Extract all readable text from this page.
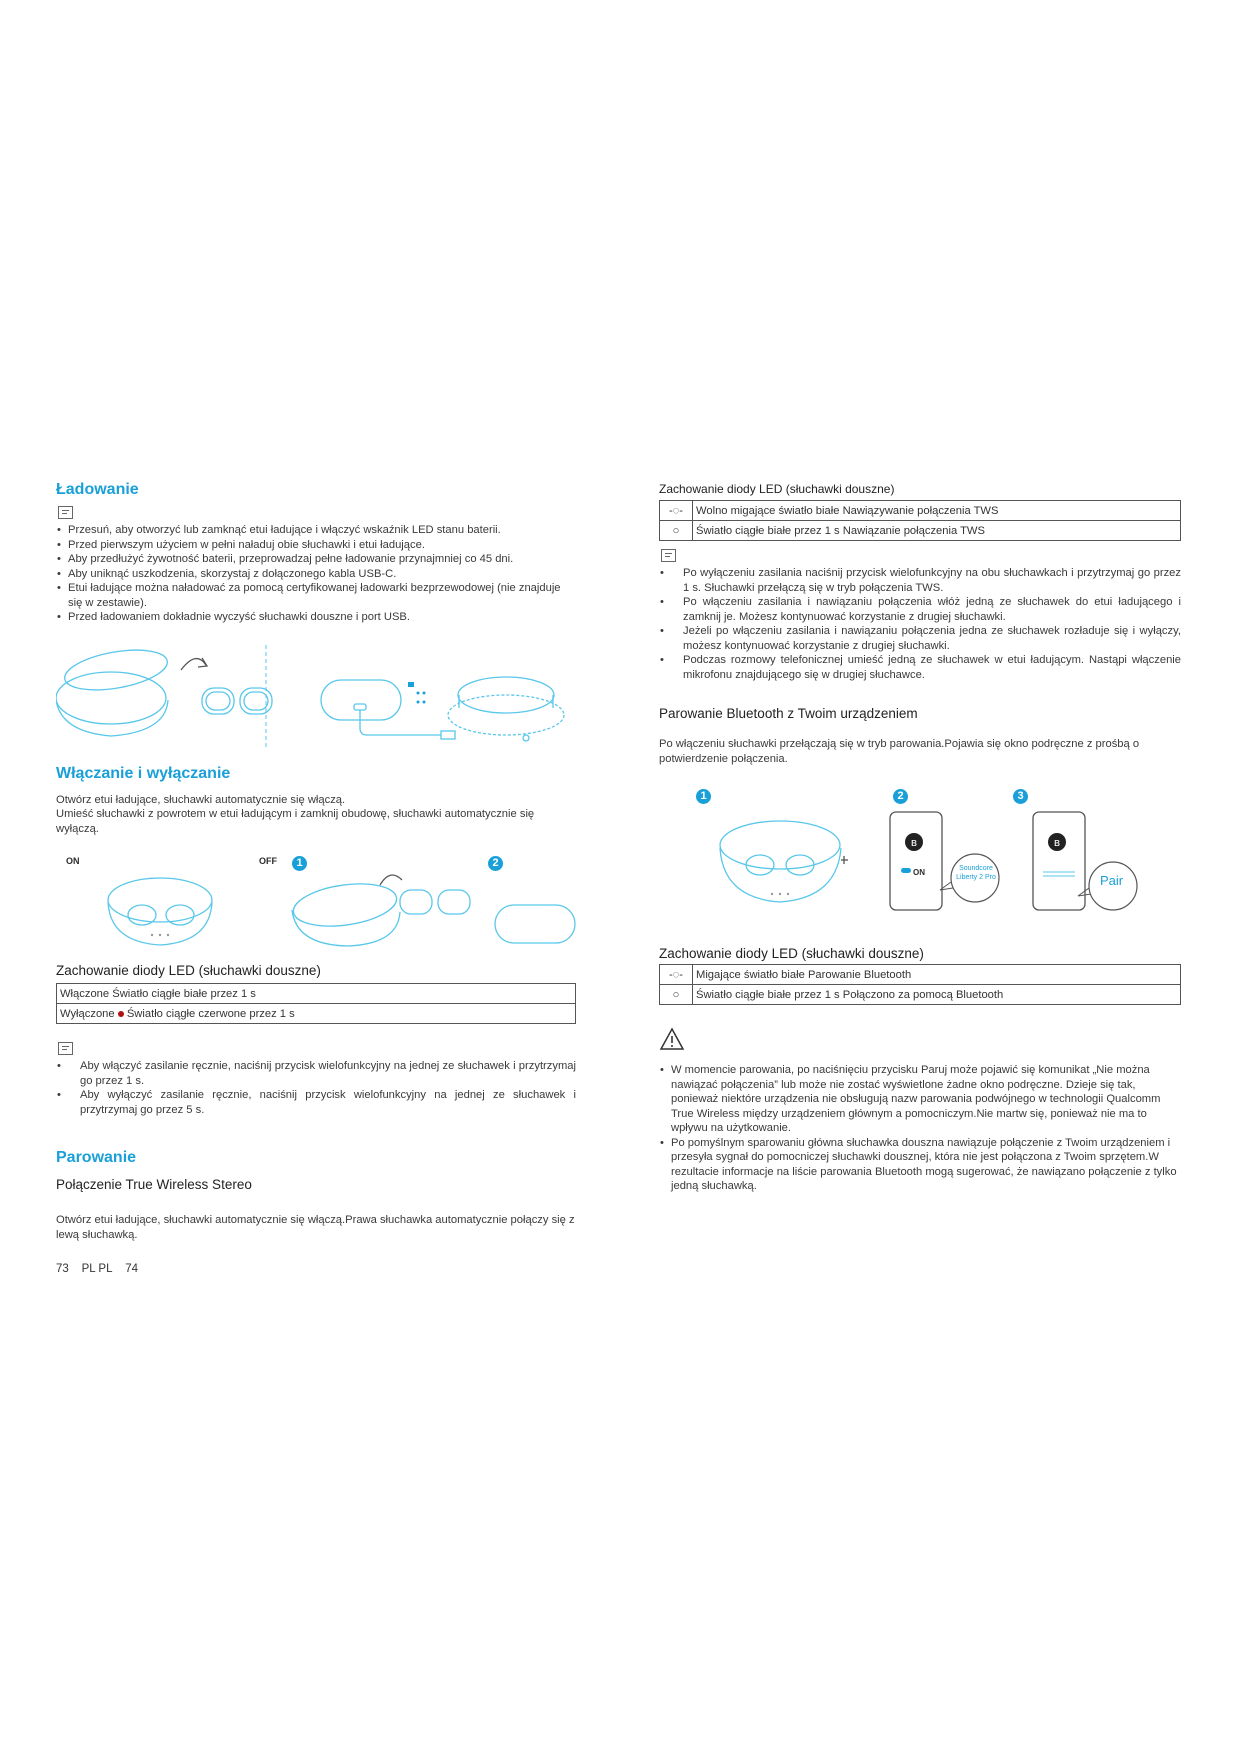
Ładowanie
• Przesuń, aby otworzyć lub zamknąć etui ładujące i włączyć wskaźnik LED stanu baterii.
• Przed pierwszym użyciem w pełni naładuj obie słuchawki i etui ładujące.
• Aby przedłużyć żywotność baterii, przeprowadzaj pełne ładowanie przynajmniej co 45 dni.
• Aby uniknąć uszkodzenia, skorzystaj z dołączonego kabla USB-C.
• Etui ładujące można naładować za pomocą certyfikowanej ładowarki bezprzewodowej (nie znajduje się w zestawie).
• Przed ładowaniem dokładnie wyczyść słuchawki douszne i port USB.
Włączanie i wyłączanie
Otwórz etui ładujące, słuchawki automatycznie się włączą.
Umieść słuchawki z powrotem w etui ładującym i zamknij obudowę, słuchawki automatycznie się wyłączą.
ON	OFF	1	2
Zachowanie diody LED (słuchawki douszne)
Włączone Światło ciągłe białe przez 1 s
Wyłączone Światło ciągłe czerwone przez 1 s
• Aby włączyć zasilanie ręcznie, naciśnij przycisk wielofunkcyjny na jednej ze słuchawek i przytrzymaj go przez 1 s.
• Aby wyłączyć zasilanie ręcznie, naciśnij przycisk wielofunkcyjny na jednej ze słuchawek i przytrzymaj go przez 5 s.
Parowanie
Połączenie True Wireless Stereo
Otwórz etui ładujące, słuchawki automatycznie się włączą.Prawa słuchawka automatycznie połączy się z lewą słuchawką.
73 PL PL 74
Zachowanie diody LED (słuchawki douszne)
-◌-	Wolno migające światło białe Nawiązywanie połączenia TWS
○	Światło ciągłe białe przez 1 s Nawiązanie połączenia TWS
• Po wyłączeniu zasilania naciśnij przycisk wielofunkcyjny na obu słuchawkach i przytrzymaj go przez 1 s. Słuchawki przełączą się w tryb połączenia TWS.
• Po włączeniu zasilania i nawiązaniu połączenia włóż jedną ze słuchawek do etui ładującego i zamknij je. Możesz kontynuować korzystanie z drugiej słuchawki.
• Jeżeli po włączeniu zasilania i nawiązaniu połączenia jedna ze słuchawek rozładuje się i wyłączy, możesz kontynuować korzystanie z drugiej słuchawki.
• Podczas rozmowy telefonicznej umieść jedną ze słuchawek w etui ładującym. Nastąpi włączenie mikrofonu znajdującego się w drugiej słuchawce.
Parowanie Bluetooth z Twoim urządzeniem
Po włączeniu słuchawki przełączają się w tryb parowania.Pojawia się okno podręczne z prośbą o potwierdzenie połączenia.
1	2	3
ʙ	ʙ
ON	Soundcore Liberty 2 Pro	Pair
Zachowanie diody LED (słuchawki douszne)
-◌-	Migające światło białe Parowanie Bluetooth
○	Światło ciągłe białe przez 1 s Połączono za pomocą Bluetooth
• W momencie parowania, po naciśnięciu przycisku Paruj może pojawić się komunikat „Nie można nawiązać połączenia” lub może nie zostać wyświetlone żadne okno podręczne. Dzieje się tak, ponieważ niektóre urządzenia nie obsługują nazw parowania podwójnego w technologii Qualcomm True Wireless między urządzeniem głównym a pomocniczym.Nie martw się, ponieważ nie ma to wpływu na użytkowanie.
• Po pomyślnym sparowaniu główna słuchawka douszna nawiązuje połączenie z Twoim urządzeniem i przesyła sygnał do pomocniczej słuchawki dousznej, która nie jest połączona z Twoim sprzętem.W rezultacie informacje na liście parowania Bluetooth mogą sugerować, że nawiązano połączenie z tylko jedną słuchawką.
